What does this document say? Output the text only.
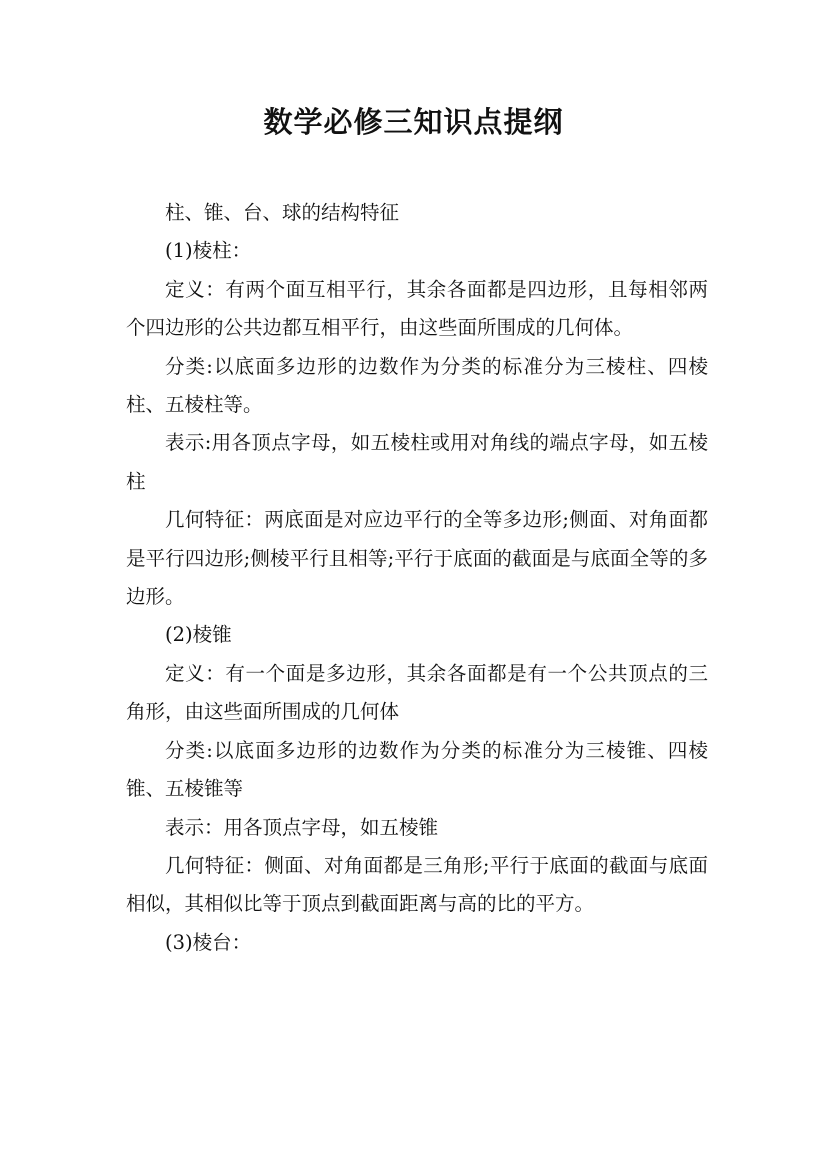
数学必修三知识点提纲

柱、锥、台、球的结构特征

(1)棱柱：

定义：有两个面互相平行，其余各面都是四边形，且每相邻两个四边形的公共边都互相平行，由这些面所围成的几何体。

分类:以底面多边形的边数作为分类的标准分为三棱柱、四棱柱、五棱柱等。

表示:用各顶点字母，如五棱柱或用对角线的端点字母，如五棱柱

几何特征：两底面是对应边平行的全等多边形;侧面、对角面都是平行四边形;侧棱平行且相等;平行于底面的截面是与底面全等的多边形。

(2)棱锥

定义：有一个面是多边形，其余各面都是有一个公共顶点的三角形，由这些面所围成的几何体

分类:以底面多边形的边数作为分类的标准分为三棱锥、四棱锥、五棱锥等

表示：用各顶点字母，如五棱锥

几何特征：侧面、对角面都是三角形;平行于底面的截面与底面相似，其相似比等于顶点到截面距离与高的比的平方。

(3)棱台：
